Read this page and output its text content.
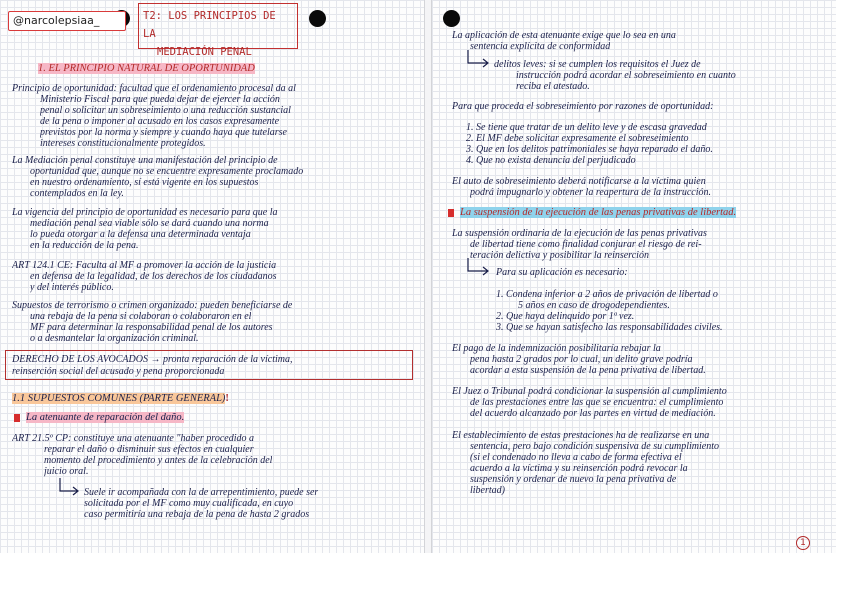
@narcolepsiaa_	T2: LOS PRINCIPIOS DE LA
MEDIACIÓN PENAL
1. EL PRINCIPIO NATURAL DE OPORTUNIDAD
Principio de oportunidad: facultad que el ordenamiento procesal da al
Ministerio Fiscal para que pueda dejar de ejercer la acción
penal o solicitar un sobreseimiento o una reducción sustancial
de la pena o imponer al acusado en los casos expresamente
previstos por la norma y siempre y cuando haya que tutelarse
intereses constitucionalmente protegidos.
La Mediación penal constituye una manifestación del principio de
oportunidad que, aunque no se encuentre expresamente proclamado
en nuestro ordenamiento, sí está vigente en los supuestos
contemplados en la ley.
La vigencia del principio de oportunidad es necesario para que la
mediación penal sea viable sólo se dará cuando una norma
lo pueda otorgar a la defensa una determinada ventaja
en la reducción de la pena.
ART 124.1 CE: Faculta al MF a promover la acción de la justicia
en defensa de la legalidad, de los derechos de los ciudadanos
y del interés público.
Supuestos de terrorismo o crimen organizado: pueden beneficiarse de
una rebaja de la pena si colaboran o colaboraron en el
MF para determinar la responsabilidad penal de los autores
o a desmantelar la organización criminal.
DERECHO DE LOS AVOCADOS → pronta reparación de la víctima,
reinserción social del acusado y pena proporcionada
1.1 SUPUESTOS COMUNES (PARTE GENERAL)!
La atenuante de reparación del daño.
ART 21.5º CP: constituye una atenuante "haber procedido a
reparar el daño o disminuir sus efectos en cualquier
momento del procedimiento y antes de la celebración del
juicio oral.
Suele ir acompañada con la de arrepentimiento, puede ser
solicitada por el MF como muy cualificada, en cuyo
caso permitiría una rebaja de la pena de hasta 2 grados
La aplicación de esta atenuante exige que lo sea en una
sentencia explícita de conformidad
delitos leves: si se cumplen los requisitos el Juez de
instrucción podrá acordar el sobreseimiento en cuanto
reciba el atestado.
Para que proceda el sobreseimiento por razones de oportunidad:
1. Se tiene que tratar de un delito leve y de escasa gravedad
2. El MF debe solicitar expresamente el sobreseimiento
3. Que en los delitos patrimoniales se haya reparado el daño.
4. Que no exista denuncia del perjudicado
El auto de sobreseimiento deberá notificarse a la víctima quien
podrá impugnarlo y obtener la reapertura de la instrucción.
La suspensión de la ejecución de las penas privativas de libertad.
La suspensión ordinaria de la ejecución de las penas privativas
de libertad tiene como finalidad conjurar el riesgo de rei-
teración delictiva y posibilitar la reinserción
Para su aplicación es necesario:
1. Condena inferior a 2 años de privación de libertad o
5 años en caso de drogodependientes.
2. Que haya delinquido por 1ª vez.
3. Que se hayan satisfecho las responsabilidades civiles.
El pago de la indemnización posibilitaría rebajar la
pena hasta 2 grados por lo cual, un delito grave podría
acordar a esta suspensión de la pena privativa de libertad.
El Juez o Tribunal podrá condicionar la suspensión al cumplimiento
de las prestaciones entre las que se encuentra: el cumplimiento
del acuerdo alcanzado por las partes en virtud de mediación.
El establecimiento de estas prestaciones ha de realizarse en una
sentencia, pero bajo condición suspensiva de su cumplimiento
(si el condenado no lleva a cabo de forma efectiva el
acuerdo a la víctima y su reinserción podrá revocar la
suspensión y ordenar de nuevo la pena privativa de
libertad)
1
